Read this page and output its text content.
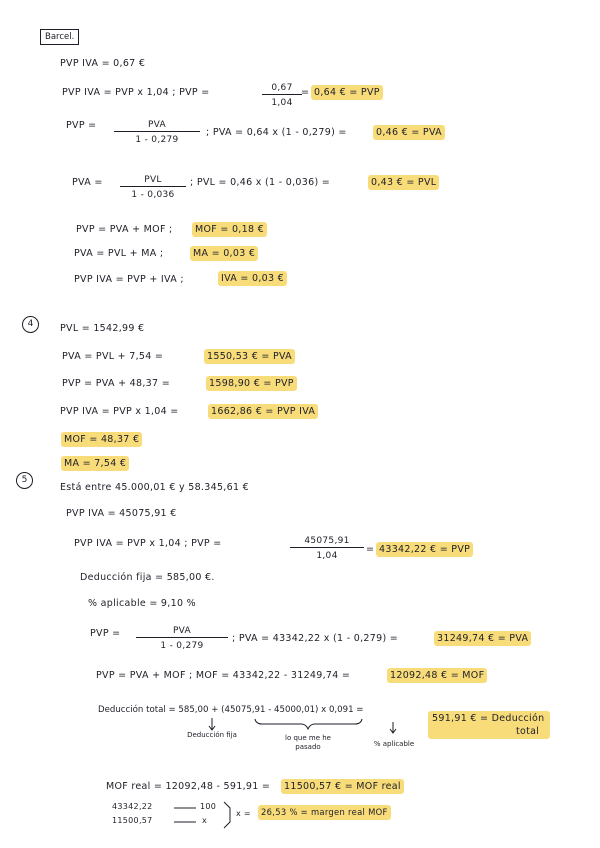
Barcel.
PVP IVA = 0,67 €
PVP IVA = PVP x 1,04 ; PVP =	$\frac{0,67}{1,04} = 0,64$ € = PVP
PVP =	PVA
1 - 0,279
; PVA = 0,64 x (1 - 0,279) =	0,46 € = PVA
PVA =	PVL
1 - 0,036
; PVL = 0,46 x (1 - 0,036) =	0,43 € = PVL
PVP = PVA + MOF ;	MOF = 0,18 €
PVA = PVL + MA ;	MA = 0,03 €
PVP IVA = PVP + IVA ;	IVA = 0,03 €
4	PVL = 1542,99 €
PVA = PVL + 7,54 =	1550,53 € = PVA
PVP = PVA + 48,37 =	1598,90 € = PVP
PVP IVA = PVP x 1,04 =	1662,86 € = PVP IVA
MOF = 48,37 €
MA = 7,54 €
5
Está entre 45.000,01 € y 58.345,61 €
PVP IVA = 45075,91 €
PVP IVA = PVP x 1,04 ; PVP =	$\frac{45075,91}{1,04} = 43342,22$ € = PVP
Deducción fija = 585,00 €.
% aplicable = 9,10 %
PVP =	PVA
1 - 0,279
; PVA = 43342,22 x (1 - 0,279) =	31249,74 € = PVA
PVP = PVA + MOF ; MOF = 43342,22 - 31249,74 =	12092,48 € = MOF
Deducción total = 585,00 + (45075,91 - 45000,01) x 0,091 =
591,91 € = Deducción
total
Deducción fija	lo que me he pasado	% aplicable
MOF real = 12092,48 - 591,91 =	11500,57 € = MOF real
43342,22	100
11500,57	x
x =	26,53 % = margen real MOF
